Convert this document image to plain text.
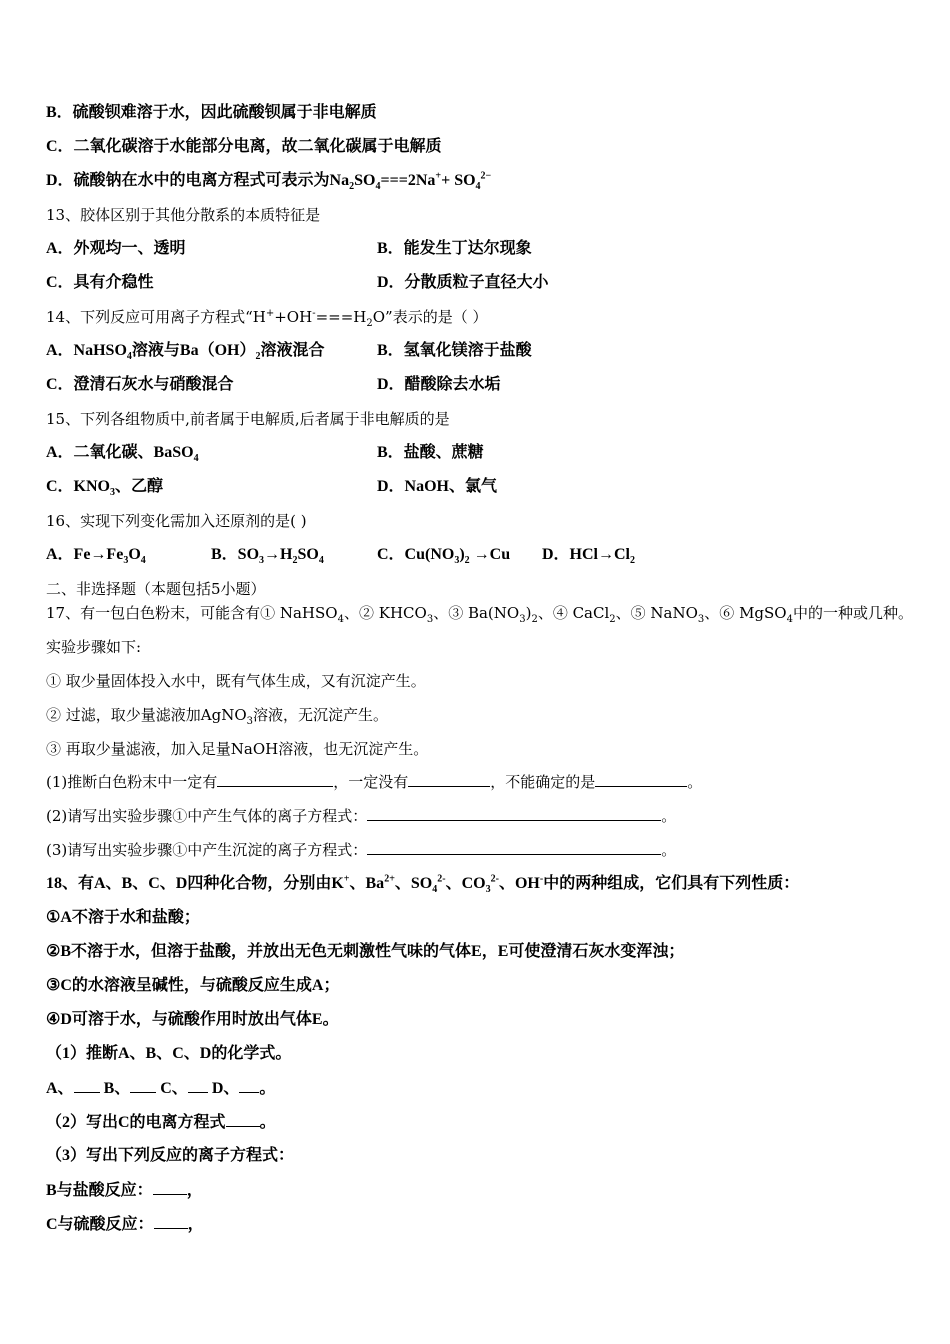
B．硫酸钡难溶于水，因此硫酸钡属于非电解质
C．二氧化碳溶于水能部分电离，故二氧化碳属于电解质
D．硫酸钠在水中的电离方程式可表示为$Na_2SO_4===2Na^++ SO_4^{2-}$
13、胶体区别于其他分散系的本质特征是
A．外观均一、透明	B．能发生丁达尔现象
C．具有介稳性	D．分散质粒子直径大小
14、下列反应可用离子方程式“$H^++OH^-===H_2O$”表示的是（ ）
A．NaHSO$_4$溶液与$Ba(OH)_2$溶液混合	B．氢氧化镁溶于盐酸
C．澄清石灰水与硝酸混合	D．醋酸除去水垢
15、下列各组物质中,前者属于电解质,后者属于非电解质的是
A．二氧化碳、BaSO$_4$	B．盐酸、蔗糖
C．$KNO_3$、乙醇	D．NaOH、氯气
16、实现下列变化需加入还原剂的是( )
A．$Fe\to Fe_3O_4$	B．$SO_3\to H_2SO_4$	C．$Cu(NO_3)_2 \to Cu$ D．$HCl\to Cl_2$
二、非选择题（本题包括5小题）
17、有一包白色粉末，可能含有① NaHSO$_4$、② $KHCO_3$、③ $Ba(NO_3)_2$、④ CaCl$_2$、⑤ NaNO$_3$、⑥ MgSO$_4$中的一种或几种。
实验步骤如下:
① 取少量固体投入水中，既有气体生成，又有沉淀产生。
② 过滤，取少量滤液加AgNO$_3$溶液，无沉淀产生。
③ 再取少量滤液，加入足量NaOH溶液，也无沉淀产生。
(1)推断白色粉末中一定有	，一定没有	，不能确定的是	。
(2)请写出实验步骤①中产生气体的离子方程式：	。
(3)请写出实验步骤①中产生沉淀的离子方程式：	。
18、有A、B、C、D四种化合物，分别由K+、$Ba^{2+}$、$SO_4^{2-}$、$CO_3^{2-}$、OH-中的两种组成，它们具有下列性质：
①A不溶于水和盐酸；
②B不溶于水，但溶于盐酸，并放出无色无刺激性气味的气体E，E可使澄清石灰水变浑浊；
③C的水溶液呈碱性，与硫酸反应生成A；
④D可溶于水，与硫酸作用时放出气体E。
（1）推断A、B、C、D的化学式。
A、 B、 C、 D、 。
（2）写出C的电离方程式 。
（3）写出下列反应的离子方程式：
B与盐酸反应： ，
C与硫酸反应： ，
